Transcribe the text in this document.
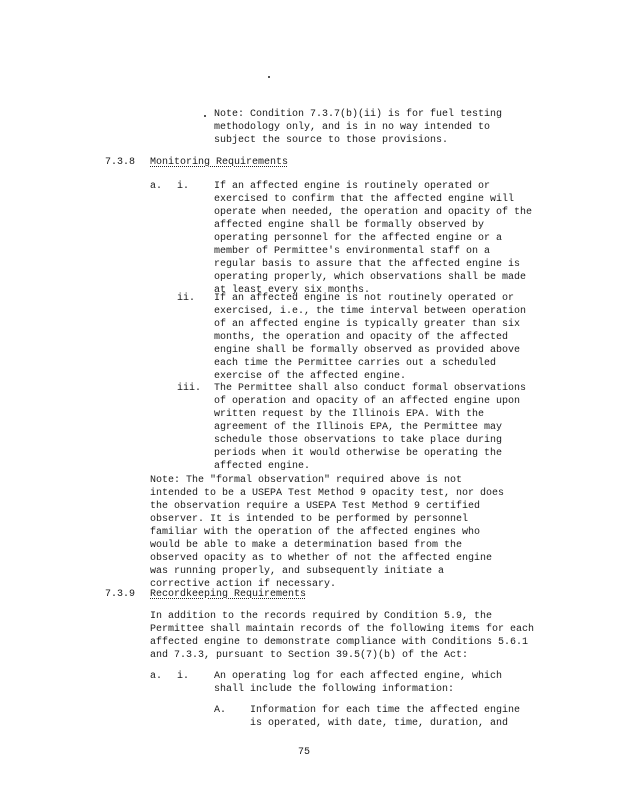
Note: Condition 7.3.7(b)(ii) is for fuel testing
methodology only, and is in no way intended to
subject the source to those provisions.
7.3.8 Monitoring Requirements
a. i. If an affected engine is routinely operated or
exercised to confirm that the affected engine will
operate when needed, the operation and opacity of the
affected engine shall be formally observed by
operating personnel for the affected engine or a
member of Permittee's environmental staff on a
regular basis to assure that the affected engine is
operating properly, which observations shall be made
at least every six months.
ii. If an affected engine is not routinely operated or
exercised, i.e., the time interval between operation
of an affected engine is typically greater than six
months, the operation and opacity of the affected
engine shall be formally observed as provided above
each time the Permittee carries out a scheduled
exercise of the affected engine.
iii. The Permittee shall also conduct formal observations
of operation and opacity of an affected engine upon
written request by the Illinois EPA. With the
agreement of the Illinois EPA, the Permittee may
schedule those observations to take place during
periods when it would otherwise be operating the
affected engine.
Note: The "formal observation" required above is not
intended to be a USEPA Test Method 9 opacity test, nor does
the observation require a USEPA Test Method 9 certified
observer. It is intended to be performed by personnel
familiar with the operation of the affected engines who
would be able to make a determination based from the
observed opacity as to whether of not the affected engine
was running properly, and subsequently initiate a
corrective action if necessary.
7.3.9 Recordkeeping Requirements
In addition to the records required by Condition 5.9, the
Permittee shall maintain records of the following items for each
affected engine to demonstrate compliance with Conditions 5.6.1
and 7.3.3, pursuant to Section 39.5(7)(b) of the Act:
a. i. An operating log for each affected engine, which
shall include the following information:
A. Information for each time the affected engine
is operated, with date, time, duration, and
75
